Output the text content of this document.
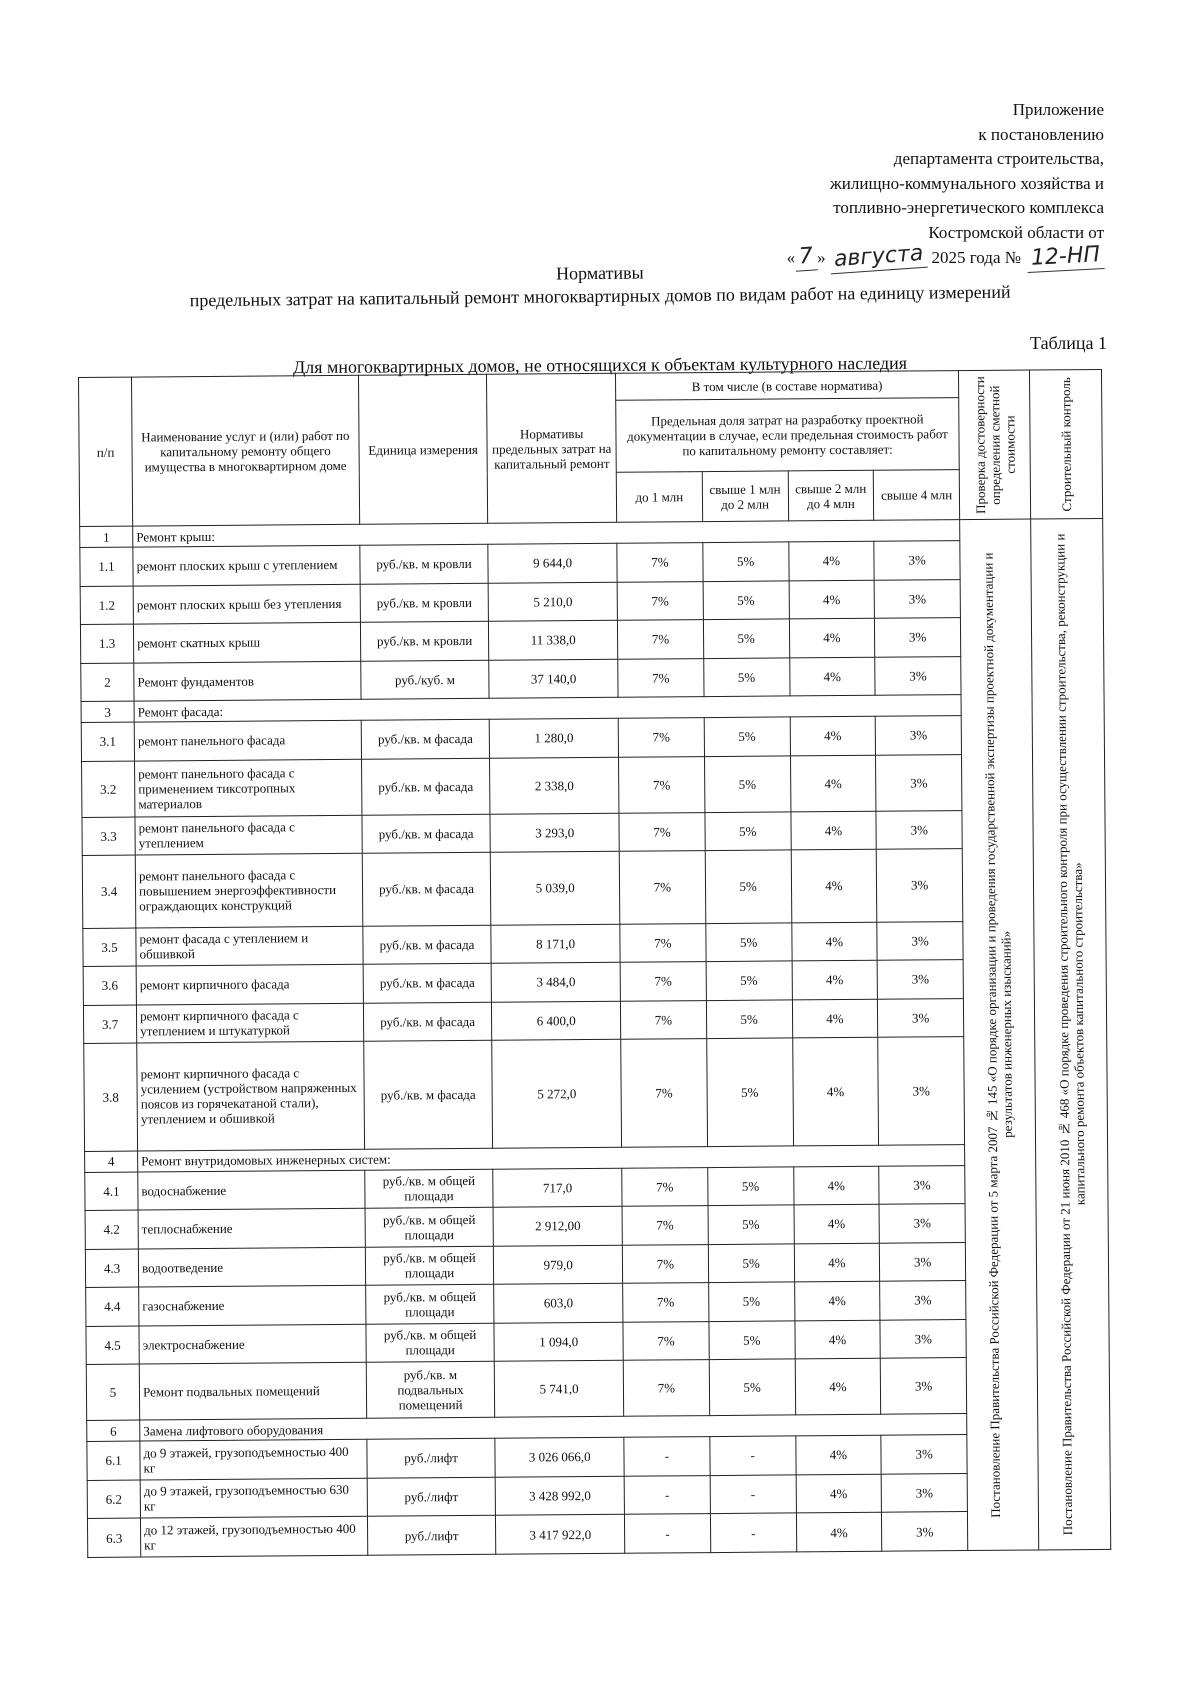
Приложение
к постановлению
департамента строительства,
жилищно-коммунального хозяйства и
топливно-энергетического комплекса
Костромской области от
« 7 » августа 2025 года № 12-НП
Нормативы
предельных затрат на капитальный ремонт многоквартирных домов по видам работ на единицу измерений
Таблица 1
Для многоквартирных домов, не относящихся к объектам культурного наследия
п/п	Наименование услуг и (или) работ по капитальному ремонту общего имущества в многоквартирном доме	Единица измерения	Нормативы предельных затрат на капитальный ремонт	В том числе (в составе норматива)				Проверка достоверности определения сметной стоимости	Строительный контроль

				Предельная доля затрат на разработку проектной документации в случае, если предельная стоимость работ по капитальному ремонту составляет:					
				до 1 млн	свыше 1 млн до 2 млн	свыше 2 млн до 4 млн	свыше 4 млн		
1	Ремонт крыш:							Постановление Правительства Российской Федерации от 5 марта 2007 № 145 «О порядке организации и проведения государственной экспертизы проектной документации и результатов инженерных изысканий»	Постановление Правительства Российской Федерации от 21 июня 2010 № 468 «О порядке проведения строительного контроля при осуществлении строительства, реконструкции и капитального ремонта объектов капитального строительства»

1.1	ремонт плоских крыш с утеплением	руб./кв. м кровли	9 644,0	7%	5%	4%	3%		
1.2	ремонт плоских крыш без утепления	руб./кв. м кровли	5 210,0	7%	5%	4%	3%		
1.3	ремонт скатных крыш	руб./кв. м кровли	11 338,0	7%	5%	4%	3%		
2	Ремонт фундаментов	руб./куб. м	37 140,0	7%	5%	4%	3%		
3	Ремонт фасада:								
3.1	ремонт панельного фасада	руб./кв. м фасада	1 280,0	7%	5%	4%	3%		
3.2	ремонт панельного фасада с применением тиксотропных материалов	руб./кв. м фасада	2 338,0	7%	5%	4%	3%		
3.3	ремонт панельного фасада с утеплением	руб./кв. м фасада	3 293,0	7%	5%	4%	3%		
3.4	ремонт панельного фасада с повышением энергоэффективности ограждающих конструкций	руб./кв. м фасада	5 039,0	7%	5%	4%	3%		
3.5	ремонт фасада с утеплением и обшивкой	руб./кв. м фасада	8 171,0	7%	5%	4%	3%		
3.6	ремонт кирпичного фасада	руб./кв. м фасада	3 484,0	7%	5%	4%	3%		
3.7	ремонт кирпичного фасада с утеплением и штукатуркой	руб./кв. м фасада	6 400,0	7%	5%	4%	3%		
3.8	ремонт кирпичного фасада с усилением (устройством напряженных поясов из горячекатаной стали), утеплением и обшивкой	руб./кв. м фасада	5 272,0	7%	5%	4%	3%		
4	Ремонт внутридомовых инженерных систем:								
4.1	водоснабжение	руб./кв. м общей площади	717,0	7%	5%	4%	3%		
4.2	теплоснабжение	руб./кв. м общей площади	2 912,00	7%	5%	4%	3%		
4.3	водоотведение	руб./кв. м общей площади	979,0	7%	5%	4%	3%		
4.4	газоснабжение	руб./кв. м общей площади	603,0	7%	5%	4%	3%		
4.5	электроснабжение	руб./кв. м общей площади	1 094,0	7%	5%	4%	3%		
5	Ремонт подвальных помещений	руб./кв. м подвальных помещений	5 741,0	7%	5%	4%	3%		
6	Замена лифтового оборудования								
6.1	до 9 этажей, грузоподъемностью 400 кг	руб./лифт	3 026 066,0	-	-	4%	3%		
6.2	до 9 этажей, грузоподъемностью 630 кг	руб./лифт	3 428 992,0	-	-	4%	3%		
6.3	до 12 этажей, грузоподъемностью 400 кг	руб./лифт	3 417 922,0	-	-	4%	3%		
